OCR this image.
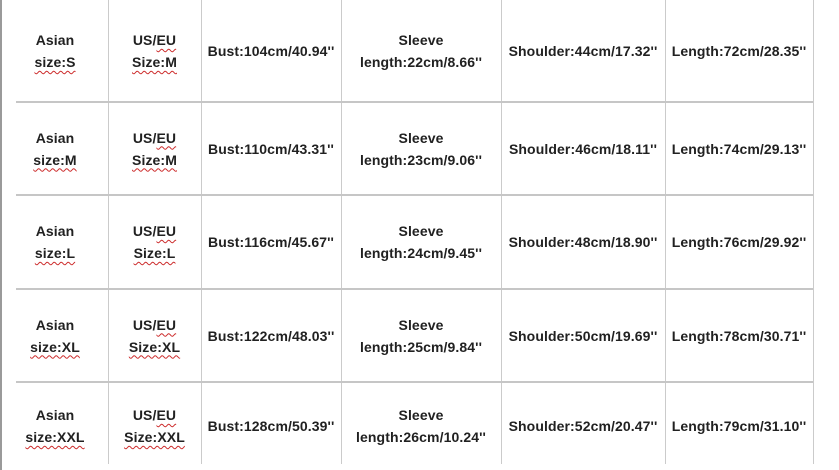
Asian
size:S
US/EU
Size:M
Bust:104cm/40.94''
Sleeve
length:22cm/8.66''
Shoulder:44cm/17.32'' Length:72cm/28.35''
Asian
size:M
US/EU
Size:M
Bust:110cm/43.31''
Sleeve
length:23cm/9.06''
Shoulder:46cm/18.11'' Length:74cm/29.13''
Asian
size:L
US/EU
Size:L
Bust:116cm/45.67''
Sleeve
length:24cm/9.45''
Shoulder:48cm/18.90'' Length:76cm/29.92''
Asian
size:XL
US/EU
Size:XL
Bust:122cm/48.03''
Sleeve
length:25cm/9.84''
Shoulder:50cm/19.69'' Length:78cm/30.71''
Asian
size:XXL
US/EU
Size:XXL
Bust:128cm/50.39''
Sleeve
length:26cm/10.24''
Shoulder:52cm/20.47'' Length:79cm/31.10''
